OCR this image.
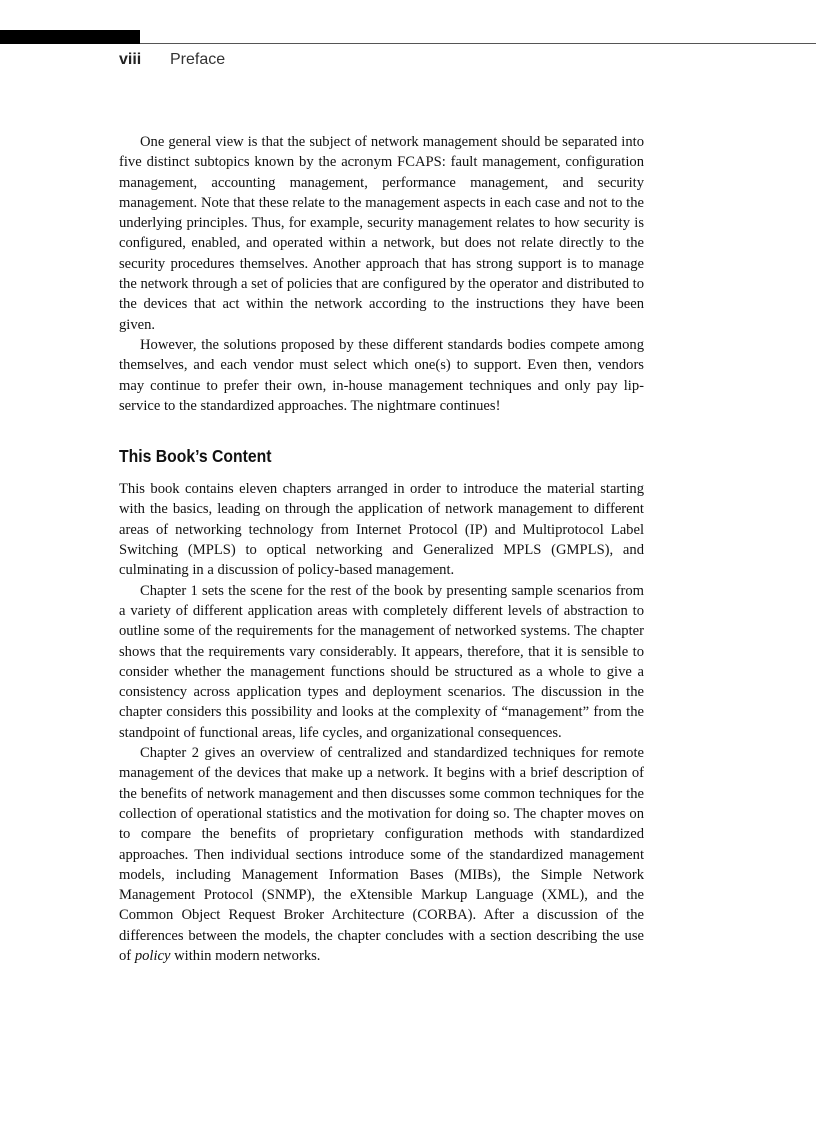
viii Preface

One general view is that the subject of network management should be separated into five distinct subtopics known by the acronym FCAPS: fault management, configuration management, accounting management, performance management, and security management. Note that these relate to the management aspects in each case and not to the underlying principles. Thus, for example, security management relates to how security is configured, enabled, and operated within a network, but does not relate directly to the security procedures themselves. Another approach that has strong support is to manage the network through a set of policies that are configured by the operator and distributed to the devices that act within the network according to the instructions they have been given.

However, the solutions proposed by these different standards bodies compete among themselves, and each vendor must select which one(s) to support. Even then, vendors may continue to prefer their own, in-house management techniques and only pay lip-service to the standardized approaches. The nightmare continues!

This Book’s Content

This book contains eleven chapters arranged in order to introduce the material starting with the basics, leading on through the application of network management to different areas of networking technology from Internet Protocol (IP) and Multiprotocol Label Switching (MPLS) to optical networking and Generalized MPLS (GMPLS), and culminating in a discussion of policy-based management.

Chapter 1 sets the scene for the rest of the book by presenting sample scenarios from a variety of different application areas with completely different levels of abstraction to outline some of the requirements for the management of networked systems. The chapter shows that the requirements vary considerably. It appears, therefore, that it is sensible to consider whether the management functions should be structured as a whole to give a consistency across application types and deployment scenarios. The discussion in the chapter considers this possibility and looks at the complexity of “management” from the standpoint of functional areas, life cycles, and organizational consequences.

Chapter 2 gives an overview of centralized and standardized techniques for remote management of the devices that make up a network. It begins with a brief description of the benefits of network management and then discusses some common techniques for the collection of operational statistics and the motivation for doing so. The chapter moves on to compare the benefits of proprietary configuration methods with standardized approaches. Then individual sections introduce some of the standardized management models, including Management Information Bases (MIBs), the Simple Network Management Protocol (SNMP), the eXtensible Markup Language (XML), and the Common Object Request Broker Architecture (CORBA). After a discussion of the differences between the models, the chapter concludes with a section describing the use of policy within modern networks.
